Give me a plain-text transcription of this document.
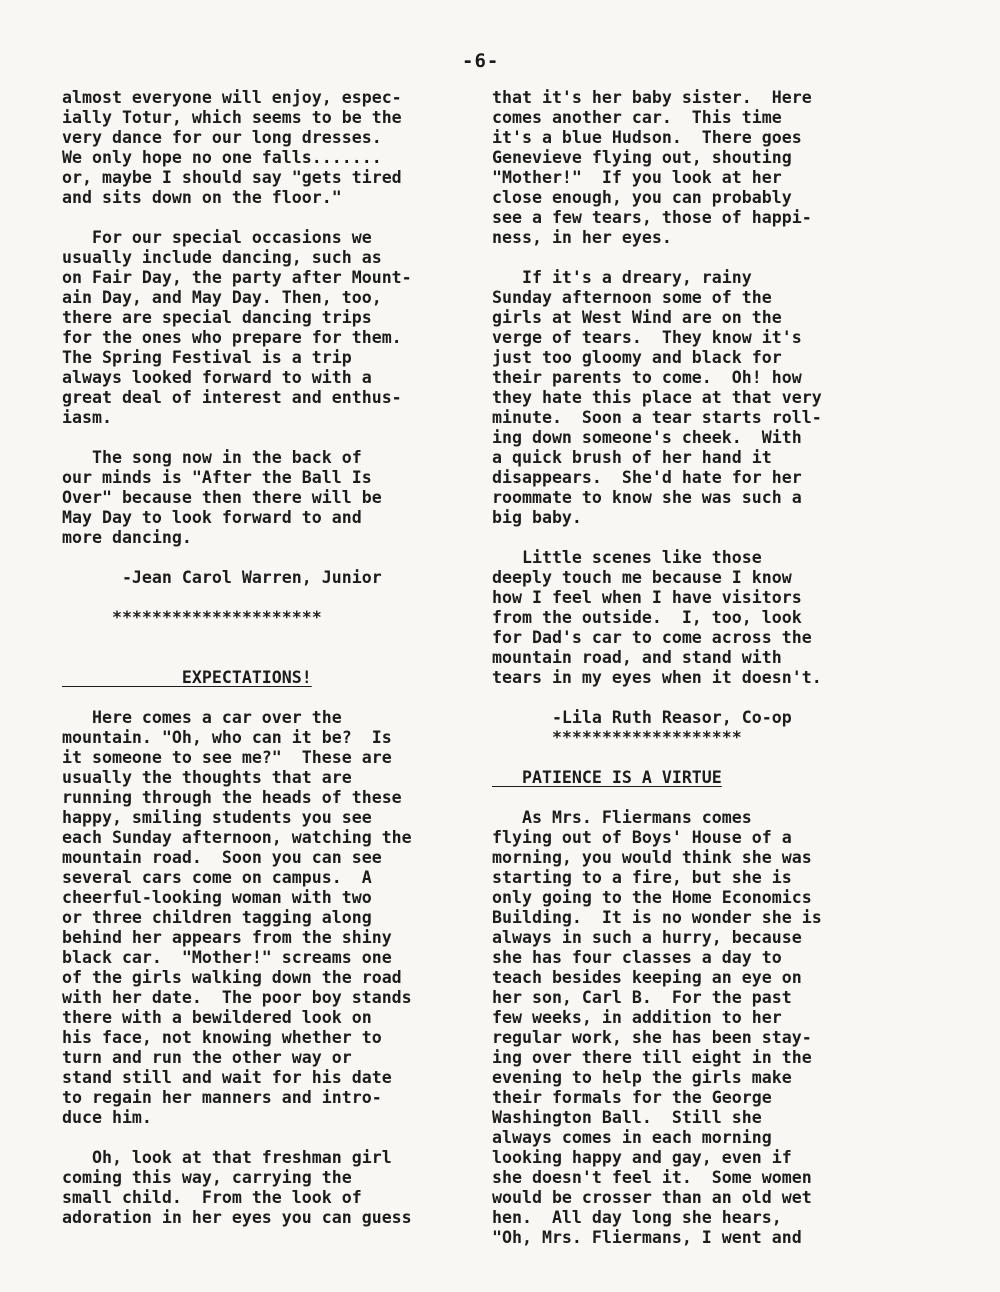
-6-
almost everyone will enjoy, espec-
ially Totur, which seems to be the
very dance for our long dresses.
We only hope no one falls.......
or, maybe I should say "gets tired
and sits down on the floor."
For our special occasions we
usually include dancing, such as
on Fair Day, the party after Mount-
ain Day, and May Day. Then, too,
there are special dancing trips
for the ones who prepare for them.
The Spring Festival is a trip
always looked forward to with a
great deal of interest and enthus-
iasm.
The song now in the back of
our minds is "After the Ball Is
Over" because then there will be
May Day to look forward to and
more dancing.
-Jean Carol Warren, Junior
*********************
EXPECTATIONS!
Here comes a car over the
mountain. "Oh, who can it be?  Is
it someone to see me?"  These are
usually the thoughts that are
running through the heads of these
happy, smiling students you see
each Sunday afternoon, watching the
mountain road.  Soon you can see
several cars come on campus.  A
cheerful-looking woman with two
or three children tagging along
behind her appears from the shiny
black car.  "Mother!" screams one
of the girls walking down the road
with her date.  The poor boy stands
there with a bewildered look on
his face, not knowing whether to
turn and run the other way or
stand still and wait for his date
to regain her manners and intro-
duce him.
Oh, look at that freshman girl
coming this way, carrying the
small child.  From the look of
adoration in her eyes you can guess
that it's her baby sister.  Here
comes another car.  This time
it's a blue Hudson.  There goes
Genevieve flying out, shouting
"Mother!"  If you look at her
close enough, you can probably
see a few tears, those of happi-
ness, in her eyes.
If it's a dreary, rainy
Sunday afternoon some of the
girls at West Wind are on the
verge of tears.  They know it's
just too gloomy and black for
their parents to come.  Oh! how
they hate this place at that very
minute.  Soon a tear starts roll-
ing down someone's cheek.  With
a quick brush of her hand it
disappears.  She'd hate for her
roommate to know she was such a
big baby.
Little scenes like those
deeply touch me because I know
how I feel when I have visitors
from the outside.  I, too, look
for Dad's car to come across the
mountain road, and stand with
tears in my eyes when it doesn't.
-Lila Ruth Reasor, Co-op
*******************
PATIENCE IS A VIRTUE
As Mrs. Fliermans comes
flying out of Boys' House of a
morning, you would think she was
starting to a fire, but she is
only going to the Home Economics
Building.  It is no wonder she is
always in such a hurry, because
she has four classes a day to
teach besides keeping an eye on
her son, Carl B.  For the past
few weeks, in addition to her
regular work, she has been stay-
ing over there till eight in the
evening to help the girls make
their formals for the George
Washington Ball.  Still she
always comes in each morning
looking happy and gay, even if
she doesn't feel it.  Some women
would be crosser than an old wet
hen.  All day long she hears,
"Oh, Mrs. Fliermans, I went and
